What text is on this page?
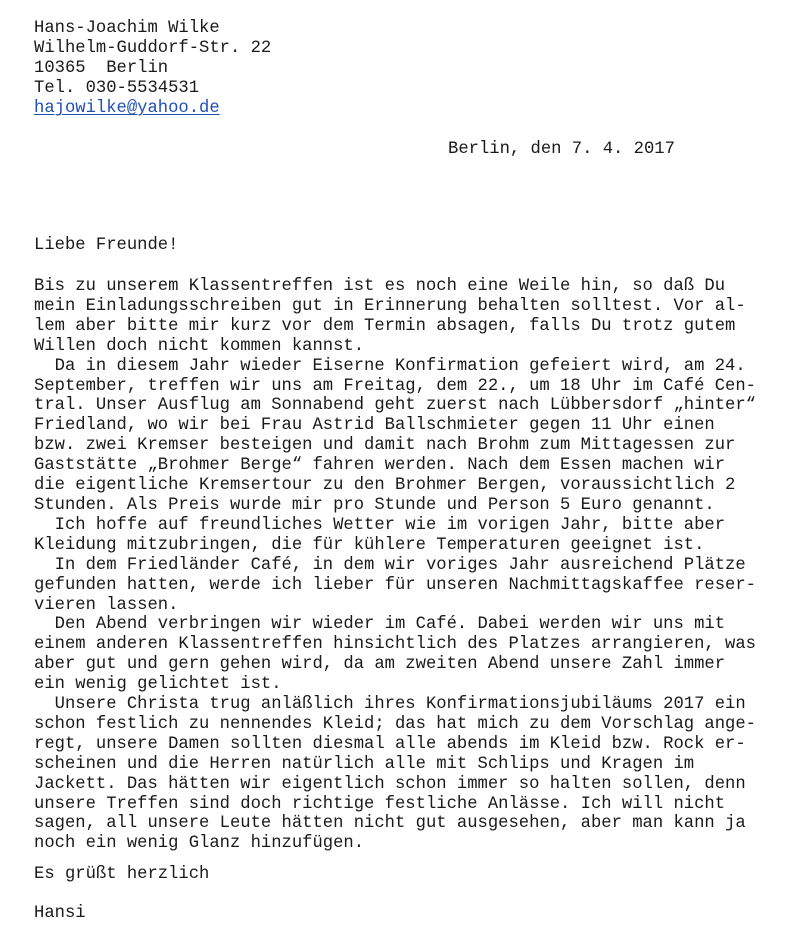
Hans-Joachim Wilke
Wilhelm-Guddorf-Str. 22
10365  Berlin
Tel. 030-5534531
hajowilke@yahoo.de
Berlin, den 7. 4. 2017
Liebe Freunde!
Bis zu unserem Klassentreffen ist es noch eine Weile hin, so daß Du
mein Einladungsschreiben gut in Erinnerung behalten solltest. Vor al-
lem aber bitte mir kurz vor dem Termin absagen, falls Du trotz gutem
Willen doch nicht kommen kannst.
Da in diesem Jahr wieder Eiserne Konfirmation gefeiert wird, am 24.
September, treffen wir uns am Freitag, dem 22., um 18 Uhr im Café Cen-
tral. Unser Ausflug am Sonnabend geht zuerst nach Lübbersdorf „hinter“
Friedland, wo wir bei Frau Astrid Ballschmieter gegen 11 Uhr einen
bzw. zwei Kremser besteigen und damit nach Brohm zum Mittagessen zur
Gaststätte „Brohmer Berge“ fahren werden. Nach dem Essen machen wir
die eigentliche Kremsertour zu den Brohmer Bergen, voraussichtlich 2
Stunden. Als Preis wurde mir pro Stunde und Person 5 Euro genannt.
Ich hoffe auf freundliches Wetter wie im vorigen Jahr, bitte aber
Kleidung mitzubringen, die für kühlere Temperaturen geeignet ist.
In dem Friedländer Café, in dem wir voriges Jahr ausreichend Plätze
gefunden hatten, werde ich lieber für unseren Nachmittagskaffee reser-
vieren lassen.
Den Abend verbringen wir wieder im Café. Dabei werden wir uns mit
einem anderen Klassentreffen hinsichtlich des Platzes arrangieren, was
aber gut und gern gehen wird, da am zweiten Abend unsere Zahl immer
ein wenig gelichtet ist.
Unsere Christa trug anläßlich ihres Konfirmationsjubiläums 2017 ein
schon festlich zu nennendes Kleid; das hat mich zu dem Vorschlag ange-
regt, unsere Damen sollten diesmal alle abends im Kleid bzw. Rock er-
scheinen und die Herren natürlich alle mit Schlips und Kragen im
Jackett. Das hätten wir eigentlich schon immer so halten sollen, denn
unsere Treffen sind doch richtige festliche Anlässe. Ich will nicht
sagen, all unsere Leute hätten nicht gut ausgesehen, aber man kann ja
noch ein wenig Glanz hinzufügen.
Es grüßt herzlich
Hansi
